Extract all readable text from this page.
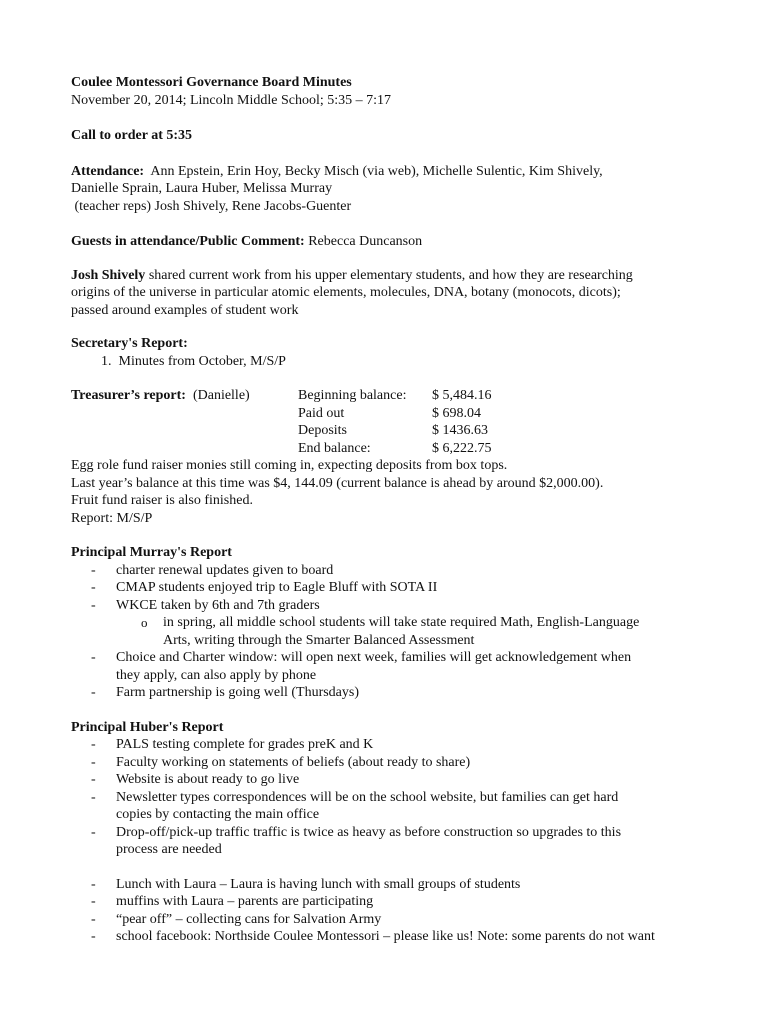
Coulee Montessori Governance Board Minutes

November 20, 2014; Lincoln Middle School; 5:35 – 7:17

Call to order at 5:35

Attendance: Ann Epstein, Erin Hoy, Becky Misch (via web), Michelle Sulentic, Kim Shively,

Danielle Sprain, Laura Huber, Melissa Murray

(teacher reps) Josh Shively, Rene Jacobs-Guenter

Guests in attendance/Public Comment: Rebecca Duncanson

Josh Shively shared current work from his upper elementary students, and how they are researching

origins of the universe in particular atomic elements, molecules, DNA, botany (monocots, dicots);

passed around examples of student work

Secretary's Report:

1. Minutes from October, M/S/P
Treasurer’s report: (Danielle)	Beginning balance:
Paid out
Deposits
End balance:
$ 5,484.16
$ 698.04
$ 1436.63
$ 6,222.75

Egg role fund raiser monies still coming in, expecting deposits from box tops.

Last year’s balance at this time was $4, 144.09 (current balance is ahead by around $2,000.00).

Fruit fund raiser is also finished.

Report: M/S/P

Principal Murray's Report

- charter renewal updates given to board
- CMAP students enjoyed trip to Eagle Bluff with SOTA II
- WKCE taken by 6th and 7th graders
o in spring, all middle school students will take state required Math, English-Language
Arts, writing through the Smarter Balanced Assessment
- Choice and Charter window: will open next week, families will get acknowledgement when
they apply, can also apply by phone
- Farm partnership is going well (Thursdays)

Principal Huber's Report

- PALS testing complete for grades preK and K
- Faculty working on statements of beliefs (about ready to share)
- Website is about ready to go live
- Newsletter types correspondences will be on the school website, but families can get hard
copies by contacting the main office
- Drop-off/pick-up traffic traffic is twice as heavy as before construction so upgrades to this
process are needed
- Lunch with Laura – Laura is having lunch with small groups of students
- muffins with Laura – parents are participating
- “pear off” – collecting cans for Salvation Army
- school facebook: Northside Coulee Montessori – please like us! Note: some parents do not want
